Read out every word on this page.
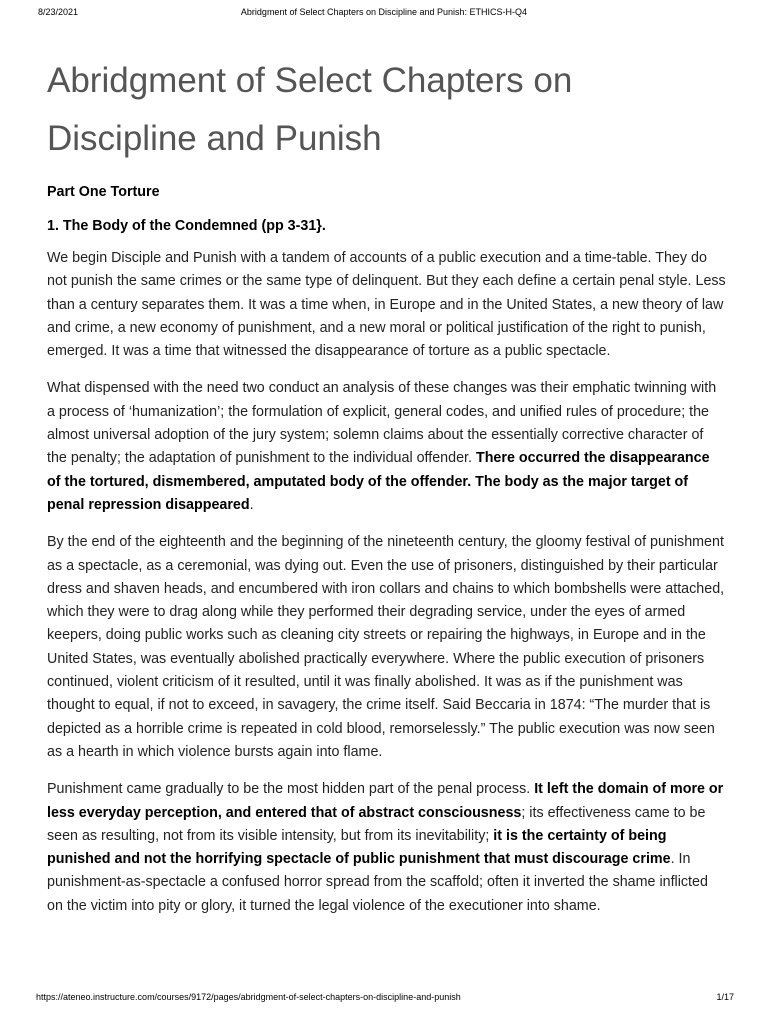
8/23/2021	Abridgment of Select Chapters on Discipline and Punish: ETHICS-H-Q4
Abridgment of Select Chapters on Discipline and Punish
Part One Torture
1. The Body of the Condemned (pp 3-31}.

We begin Disciple and Punish with a tandem of accounts of a public execution and a time-table. They do not punish the same crimes or the same type of delinquent. But they each define a certain penal style. Less than a century separates them. It was a time when, in Europe and in the United States, a new theory of law and crime, a new economy of punishment, and a new moral or political justification of the right to punish, emerged. It was a time that witnessed the disappearance of torture as a public spectacle.

What dispensed with the need two conduct an analysis of these changes was their emphatic twinning with a process of ‘humanization’; the formulation of explicit, general codes, and unified rules of procedure; the almost universal adoption of the jury system; solemn claims about the essentially corrective character of the penalty; the adaptation of punishment to the individual offender. There occurred the disappearance of the tortured, dismembered, amputated body of the offender. The body as the major target of penal repression disappeared.

By the end of the eighteenth and the beginning of the nineteenth century, the gloomy festival of punishment as a spectacle, as a ceremonial, was dying out. Even the use of prisoners, distinguished by their particular dress and shaven heads, and encumbered with iron collars and chains to which bombshells were attached, which they were to drag along while they performed their degrading service, under the eyes of armed keepers, doing public works such as cleaning city streets or repairing the highways, in Europe and in the United States, was eventually abolished practically everywhere. Where the public execution of prisoners continued, violent criticism of it resulted, until it was finally abolished. It was as if the punishment was thought to equal, if not to exceed, in savagery, the crime itself. Said Beccaria in 1874: “The murder that is depicted as a horrible crime is repeated in cold blood, remorselessly.” The public execution was now seen as a hearth in which violence bursts again into flame.

Punishment came gradually to be the most hidden part of the penal process. It left the domain of more or less everyday perception, and entered that of abstract consciousness; its effectiveness came to be seen as resulting, not from its visible intensity, but from its inevitability; it is the certainty of being punished and not the horrifying spectacle of public punishment that must discourage crime. In punishment-as-spectacle a confused horror spread from the scaffold; often it inverted the shame inflicted on the victim into pity or glory, it turned the legal violence of the executioner into shame.

https://ateneo.instructure.com/courses/9172/pages/abridgment-of-select-chapters-on-discipline-and-punish	1/17
